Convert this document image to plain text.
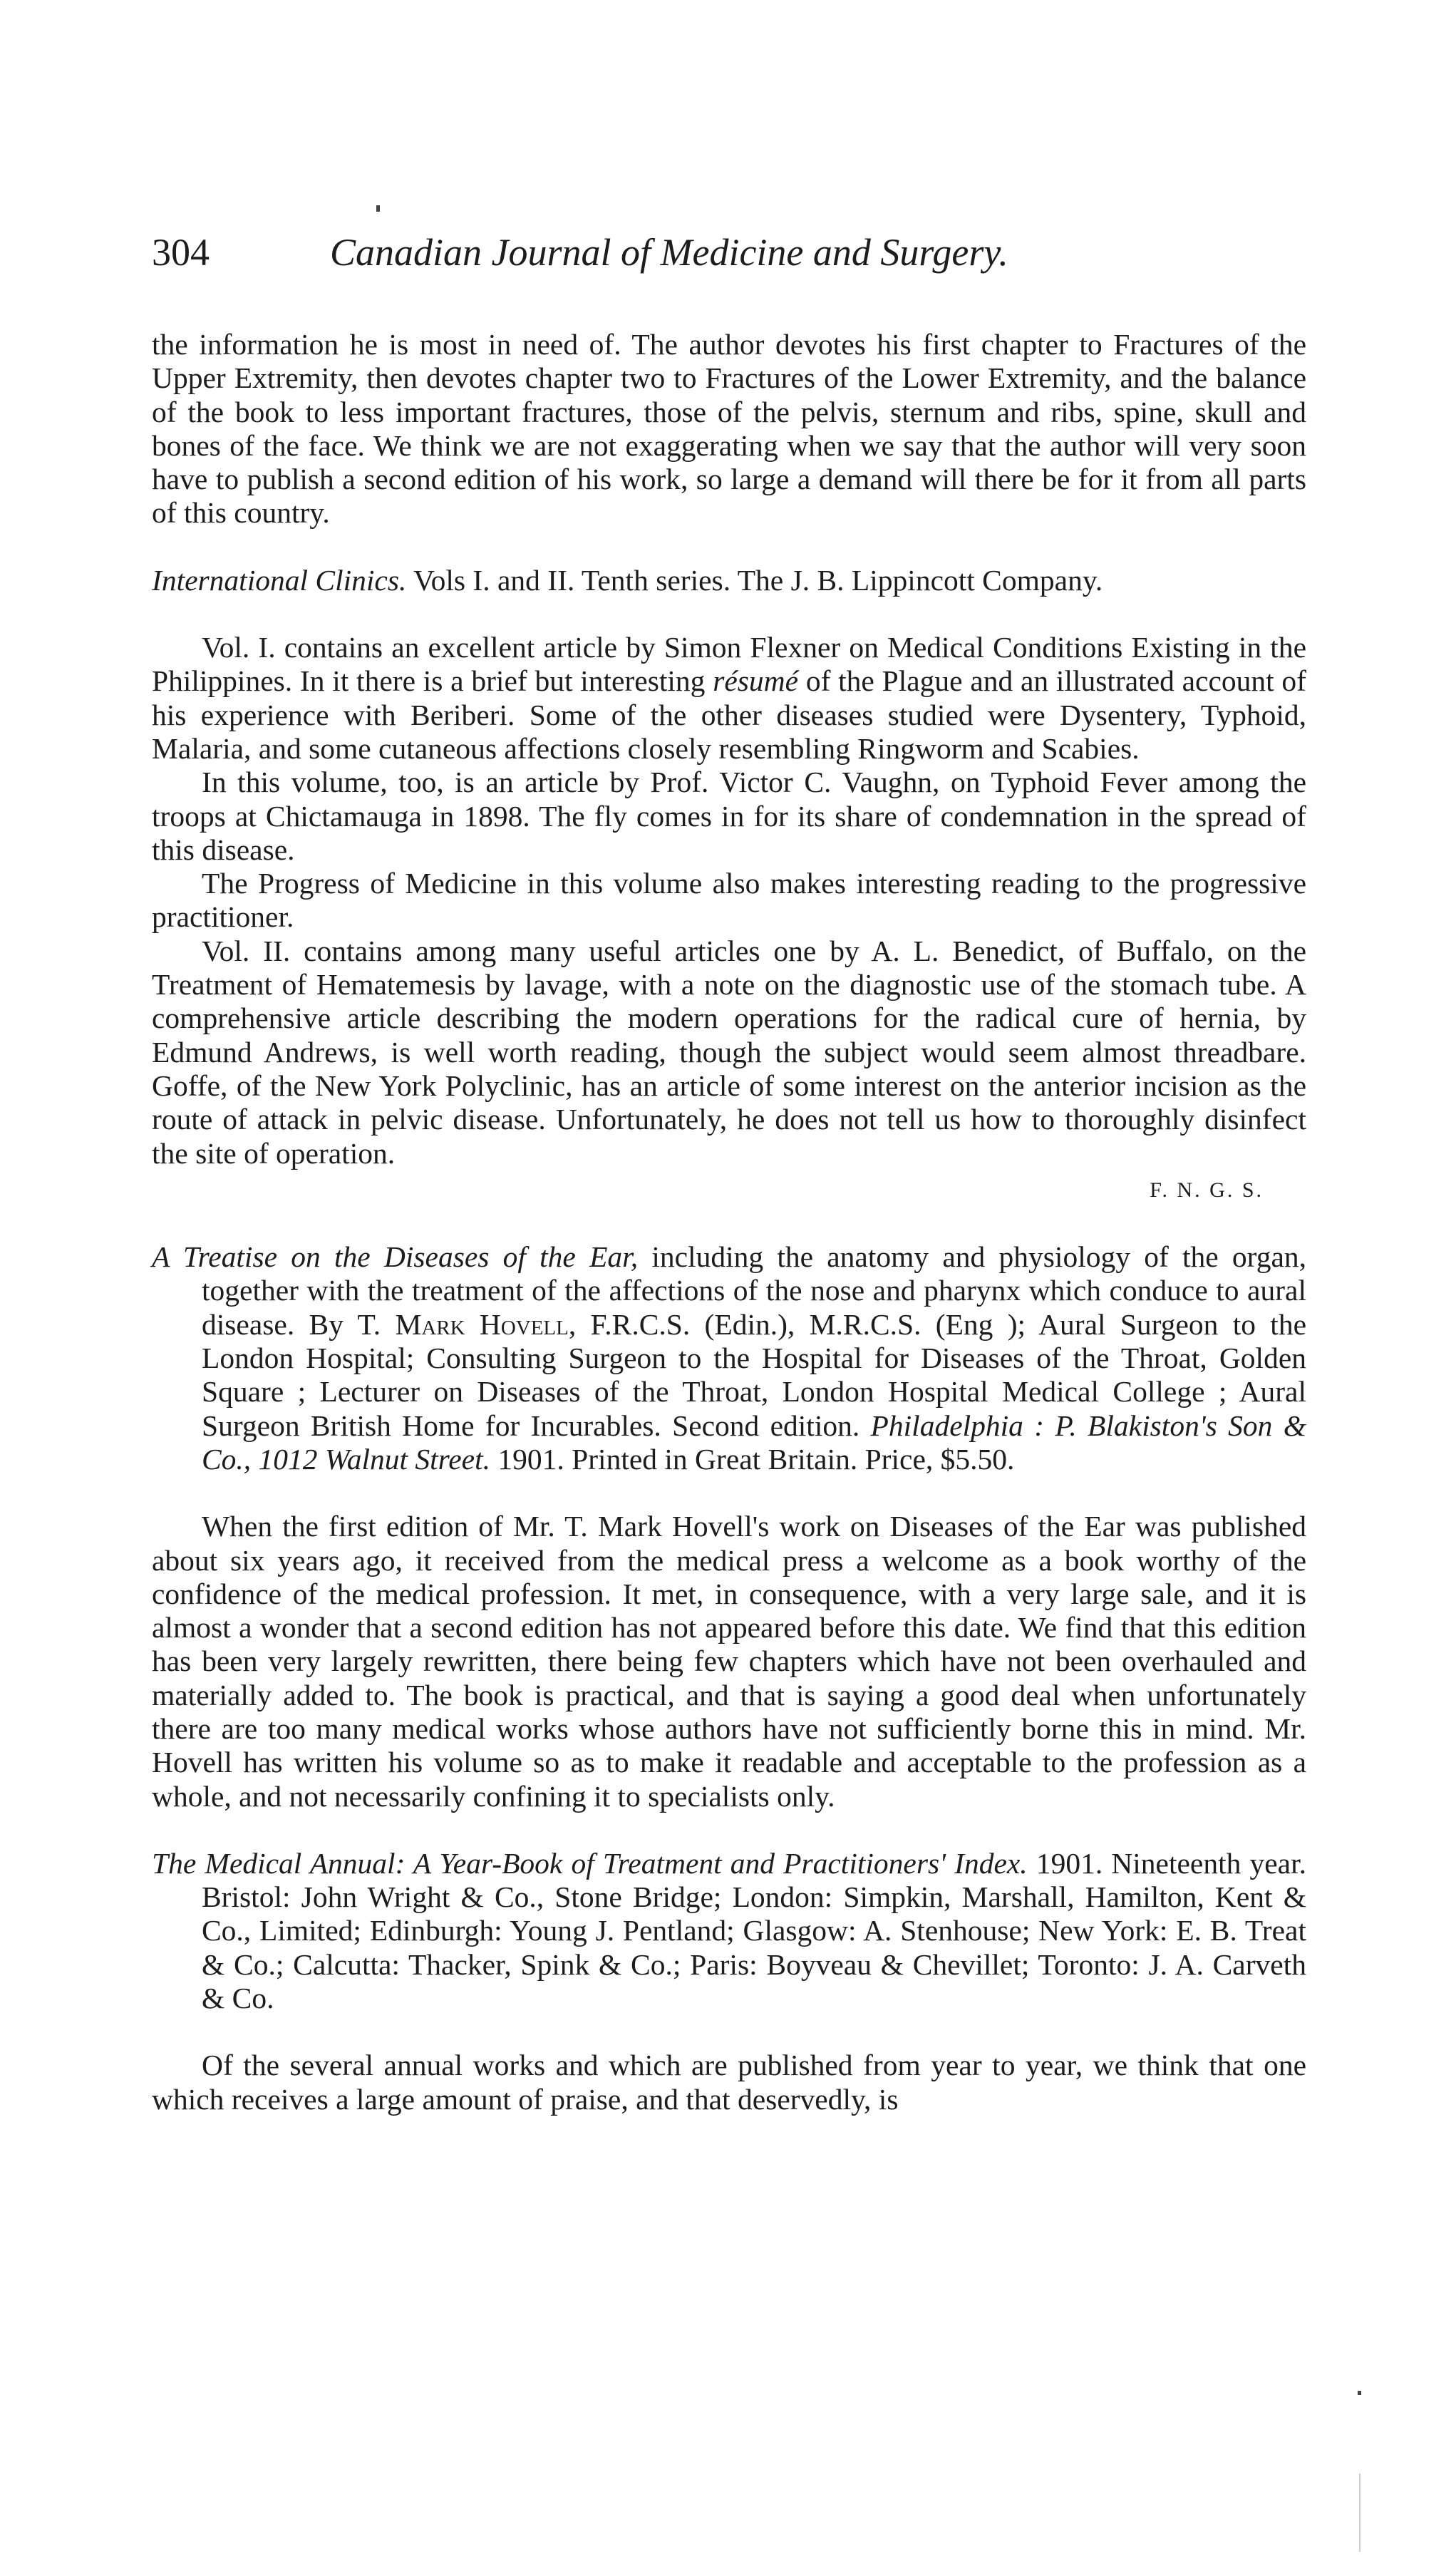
304	Canadian Journal of Medicine and Surgery.

the information he is most in need of. The author devotes his first chapter to Fractures of the Upper Extremity, then devotes chapter two to Fractures of the Lower Extremity, and the balance of the book to less important fractures, those of the pelvis, sternum and ribs, spine, skull and bones of the face. We think we are not exaggerating when we say that the author will very soon have to publish a second edition of his work, so large a demand will there be for it from all parts of this country.

International Clinics. Vols I. and II. Tenth series. The J. B. Lippincott Company.

Vol. I. contains an excellent article by Simon Flexner on Medical Conditions Existing in the Philippines. In it there is a brief but interesting résumé of the Plague and an illustrated account of his experience with Beriberi. Some of the other diseases studied were Dysentery, Typhoid, Malaria, and some cutaneous affections closely resembling Ringworm and Scabies.

In this volume, too, is an article by Prof. Victor C. Vaughn, on Typhoid Fever among the troops at Chictamauga in 1898. The fly comes in for its share of condemnation in the spread of this disease.

The Progress of Medicine in this volume also makes interesting reading to the progressive practitioner.

Vol. II. contains among many useful articles one by A. L. Benedict, of Buffalo, on the Treatment of Hematemesis by lavage, with a note on the diagnostic use of the stomach tube. A comprehensive article describing the modern operations for the radical cure of hernia, by Edmund Andrews, is well worth reading, though the subject would seem almost threadbare. Goffe, of the New York Polyclinic, has an article of some interest on the anterior incision as the route of attack in pelvic disease. Unfortunately, he does not tell us how to thoroughly disinfect the site of operation.

F. N. G. S.

A Treatise on the Diseases of the Ear, including the anatomy and physiology of the organ, together with the treatment of the affections of the nose and pharynx which conduce to aural disease. By T. Mark Hovell, F.R.C.S. (Edin.), M.R.C.S. (Eng ); Aural Surgeon to the London Hospital; Consulting Surgeon to the Hospital for Diseases of the Throat, Golden Square ; Lecturer on Diseases of the Throat, London Hospital Medical College ; Aural Surgeon British Home for Incurables. Second edition. Philadelphia : P. Blakiston's Son & Co., 1012 Walnut Street. 1901. Printed in Great Britain. Price, $5.50.

When the first edition of Mr. T. Mark Hovell's work on Diseases of the Ear was published about six years ago, it received from the medical press a welcome as a book worthy of the confidence of the medical profession. It met, in consequence, with a very large sale, and it is almost a wonder that a second edition has not appeared before this date. We find that this edition has been very largely rewritten, there being few chapters which have not been overhauled and materially added to. The book is practical, and that is saying a good deal when unfortunately there are too many medical works whose authors have not sufficiently borne this in mind. Mr. Hovell has written his volume so as to make it readable and acceptable to the profession as a whole, and not necessarily confining it to specialists only.

The Medical Annual: A Year-Book of Treatment and Practitioners' Index. 1901. Nineteenth year. Bristol: John Wright & Co., Stone Bridge; London: Simpkin, Marshall, Hamilton, Kent & Co., Limited; Edinburgh: Young J. Pentland; Glasgow: A. Stenhouse; New York: E. B. Treat & Co.; Calcutta: Thacker, Spink & Co.; Paris: Boyveau & Chevillet; Toronto: J. A. Carveth & Co.

Of the several annual works and which are published from year to year, we think that one which receives a large amount of praise, and that deservedly, is
